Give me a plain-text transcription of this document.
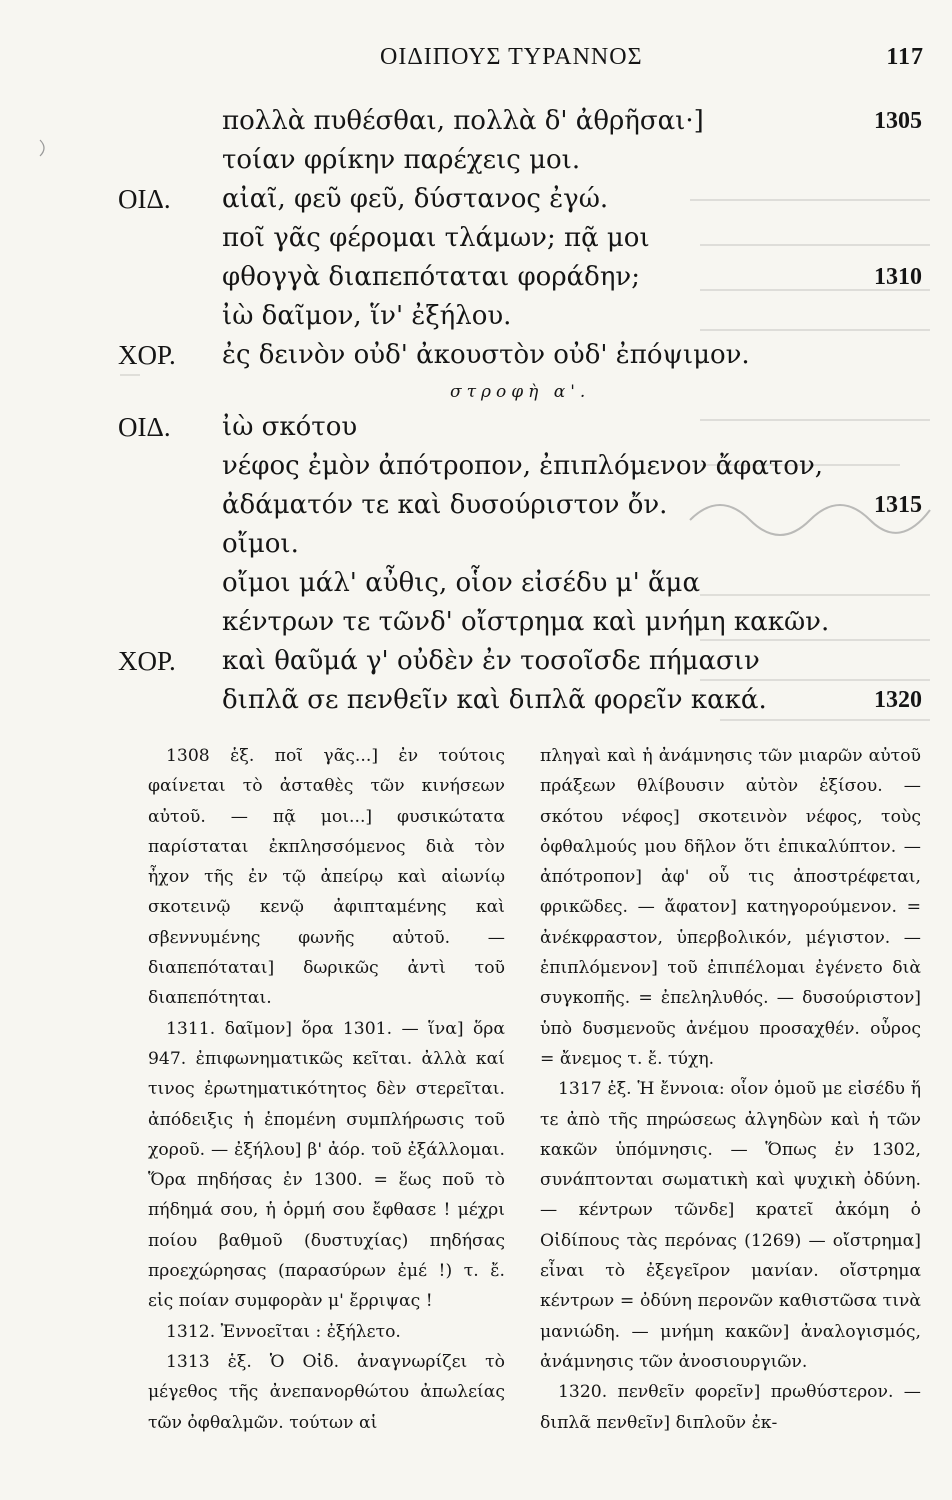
ΟΙΔΙΠΟΥΣ ΤΥΡΑΝΝΟΣ	117
πολλὰ πυθέσθαι, πολλὰ δ' ἀθρῆσαι·]	1305
τοίαν φρίκην παρέχεις μοι.
ΟΙΔ. αἰαῖ, φεῦ φεῦ, δύστανος ἐγώ.
ποῖ γᾶς φέρομαι τλάμων; πᾷ μοι
φθογγὰ διαπεπόταται φοράδην;	1310
ἰὼ δαῖμον, ἵν' ἐξήλου.
ΧΟΡ. ἐς δεινὸν οὐδ' ἀκουστὸν οὐδ' ἐπόψιμον.
στροφὴ α'.
ΟΙΔ. ἰὼ σκότου
νέφος ἐμὸν ἀπότροπον, ἐπιπλόμενον ἄφατον,
ἀδάματόν τε καὶ δυσούριστον ὄν.	1315
οἴμοι.
οἴμοι μάλ' αὖθις, οἷον εἰσέδυ μ' ἅμα
κέντρων τε τῶνδ' οἴστρημα καὶ μνήμη κακῶν.
ΧΟΡ. καὶ θαῦμά γ' οὐδὲν ἐν τοσοῖσδε πήμασιν
διπλᾶ σε πενθεῖν καὶ διπλᾶ φορεῖν κακά.	1320

1308 ἑξ. ποῖ γᾶς...] ἐν τούτοις φαίνεται τὸ ἀσταθὲς τῶν κινήσεων αὐτοῦ. — πᾷ μοι...] φυσικώτατα παρίσταται ἐκπλησσόμενος διὰ τὸν ἦχον τῆς ἐν τῷ ἀπείρῳ καὶ αἰωνίῳ σκοτεινῷ κενῷ ἀφιπταμένης καὶ σβεννυμένης φωνῆς αὐτοῦ. — διαπεπόταται] δωρικῶς ἀντὶ τοῦ διαπεπότηται.

1311. δαῖμον] ὅρα 1301. — ἵνα] ὅρα 947. ἐπιφωνηματικῶς κεῖται. ἀλλὰ καί τινος ἐρωτηματικότητος δὲν στερεῖται. ἀπόδειξις ἡ ἑπομένη συμπλήρωσις τοῦ χοροῦ. — ἐξήλου] β' ἀόρ. τοῦ ἐξάλλομαι. Ὅρα πηδήσας ἐν 1300. = ἕως ποῦ τὸ πήδημά σου, ἡ ὁρμή σου ἔφθασε ! μέχρι ποίου βαθμοῦ (δυστυχίας) πηδήσας προεχώρησας (παρασύρων ἐμέ !) τ. ἔ. εἰς ποίαν συμφορὰν μ' ἔρριψας !

1312. Ἐννοεῖται : ἐξήλετο.

1313 ἑξ. Ὁ Οἰδ. ἀναγνωρίζει τὸ μέγεθος τῆς ἀνεπανορθώτου ἀπωλείας τῶν ὀφθαλμῶν. τούτων αἱ

πληγαὶ καὶ ἡ ἀνάμνησις τῶν μιαρῶν αὐτοῦ πράξεων θλίβουσιν αὐτὸν ἐξίσου. — σκότου νέφος] σκοτεινὸν νέφος, τοὺς ὀφθαλμούς μου δῆλον ὅτι ἐπικαλύπτον. — ἀπότροπον] ἀφ' οὗ τις ἀποστρέφεται, φρικῶδες. — ἄφατον] κατηγορούμενον. = ἀνέκφραστον, ὑπερβολικόν, μέγιστον. — ἐπιπλόμενον] τοῦ ἐπιπέλομαι ἐγένετο διὰ συγκοπῆς. = ἐπεληλυθός. — δυσούριστον] ὑπὸ δυσμενοῦς ἀνέμου προσαχθέν. οὖρος = ἄνεμος τ. ἔ. τύχη.

1317 ἑξ. Ἡ ἔννοια: οἷον ὁμοῦ με εἰσέδυ ἥ τε ἀπὸ τῆς πηρώσεως ἀλγηδὼν καὶ ἡ τῶν κακῶν ὑπόμνησις. — Ὅπως ἐν 1302, συνάπτονται σωματικὴ καὶ ψυχικὴ ὀδύνη. — κέντρων τῶνδε] κρατεῖ ἀκόμη ὁ Οἰδίπους τὰς περόνας (1269) — οἴστρημα] εἶναι τὸ ἐξεγεῖρον μανίαν. οἴστρημα κέντρων = ὀδύνη περονῶν καθιστῶσα τινὰ μανιώδη. — μνήμη κακῶν] ἀναλογισμός, ἀνάμνησις τῶν ἀνοσιουργιῶν.

1320. πενθεῖν φορεῖν] πρωθύστερον. — διπλᾶ πενθεῖν] διπλοῦν ἐκ-
